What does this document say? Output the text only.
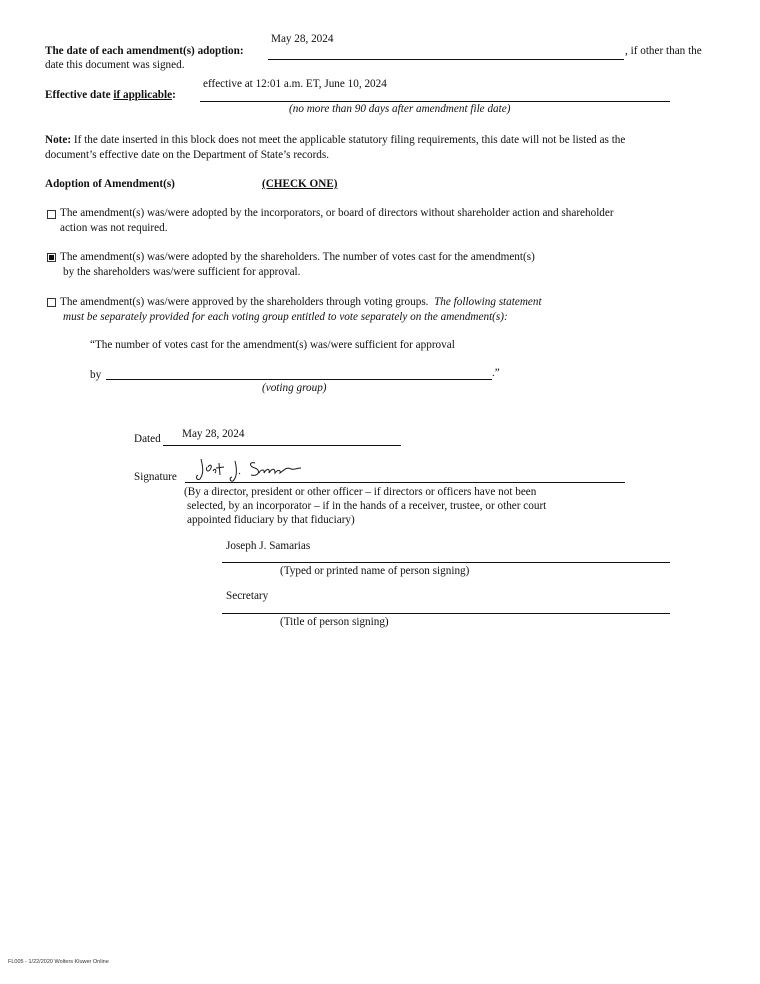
May 28, 2024
The date of each amendment(s) adoption:	, if other than the
date this document was signed.
effective at 12:01 a.m. ET, June 10, 2024
Effective date if applicable:
(no more than 90 days after amendment file date)
Note: If the date inserted in this block does not meet the applicable statutory filing requirements, this date will not be listed as the
document’s effective date on the Department of State’s records.
Adoption of Amendment(s)	(CHECK ONE)
The amendment(s) was/were adopted by the incorporators, or board of directors without shareholder action and shareholder
action was not required.
The amendment(s) was/were adopted by the shareholders. The number of votes cast for the amendment(s)
by the shareholders was/were sufficient for approval.
The amendment(s) was/were approved by the shareholders through voting groups. The following statement
must be separately provided for each voting group entitled to vote separately on the amendment(s):
“The number of votes cast for the amendment(s) was/were sufficient for approval
by	.”
(voting group)
Dated May 28, 2024
Signature
(By a director, president or other officer – if directors or officers have not been
selected, by an incorporator – if in the hands of a receiver, trustee, or other court
appointed fiduciary by that fiduciary)
Joseph J. Samarias
(Typed or printed name of person signing)
Secretary
(Title of person signing)
FL005 - 1/22/2020 Wolters Kluwer Online
